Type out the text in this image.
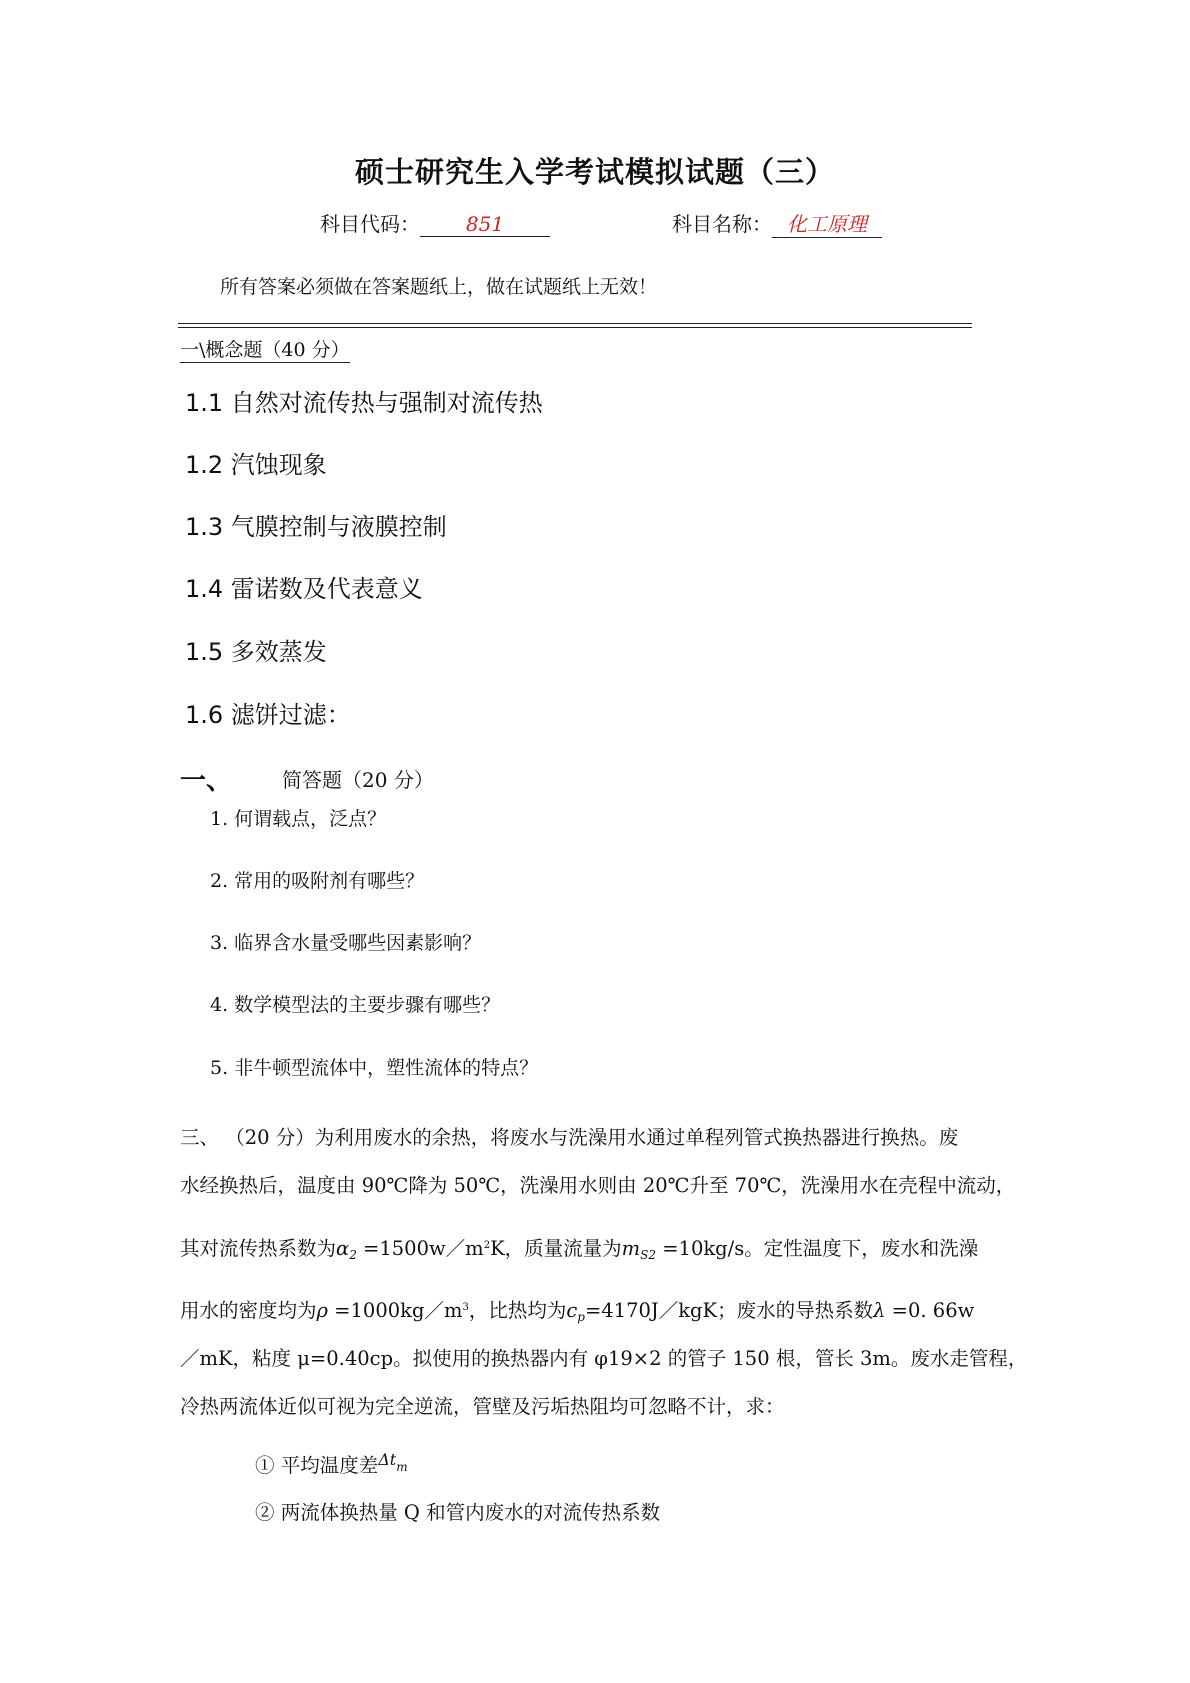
硕士研究生入学考试模拟试题（三）
科目代码： 851	科目名称： 化工原理
所有答案必须做在答案题纸上，做在试题纸上无效！
一\概念题（40 分）
1.1 自然对流传热与强制对流传热
1.2 汽蚀现象
1.3 气膜控制与液膜控制
1.4 雷诺数及代表意义
1.5 多效蒸发
1.6 滤饼过滤：
一、	简答题（20 分）
1. 何谓载点，泛点？
2. 常用的吸附剂有哪些？
3. 临界含水量受哪些因素影响？
4. 数学模型法的主要步骤有哪些？
5. 非牛顿型流体中，塑性流体的特点？
三、 （20 分）为利用废水的余热，将废水与洗澡用水通过单程列管式换热器进行换热。废
水经换热后，温度由 90℃降为 50℃，洗澡用水则由 20℃升至 70℃，洗澡用水在壳程中流动，
其对流传热系数为$\alpha_2$ $=1500w/m^2K$，质量流量为$m_{S2} =10kg/s$。定性温度下，废水和洗澡
用水的密度均为$\rho =1000kg/m^3$，比热均为$c_p=4170J/kgK$；废水的导热系数λ =0. 66w
／mK，粘度 μ=0.40cp。拟使用的换热器内有 φ19×2 的管子 150 根，管长 3m。废水走管程，
冷热两流体近似可视为完全逆流，管壁及污垢热阻均可忽略不计，求：
① 平均温度差$^{\Delta t}$m
② 两流体换热量 Q 和管内废水的对流传热系数
